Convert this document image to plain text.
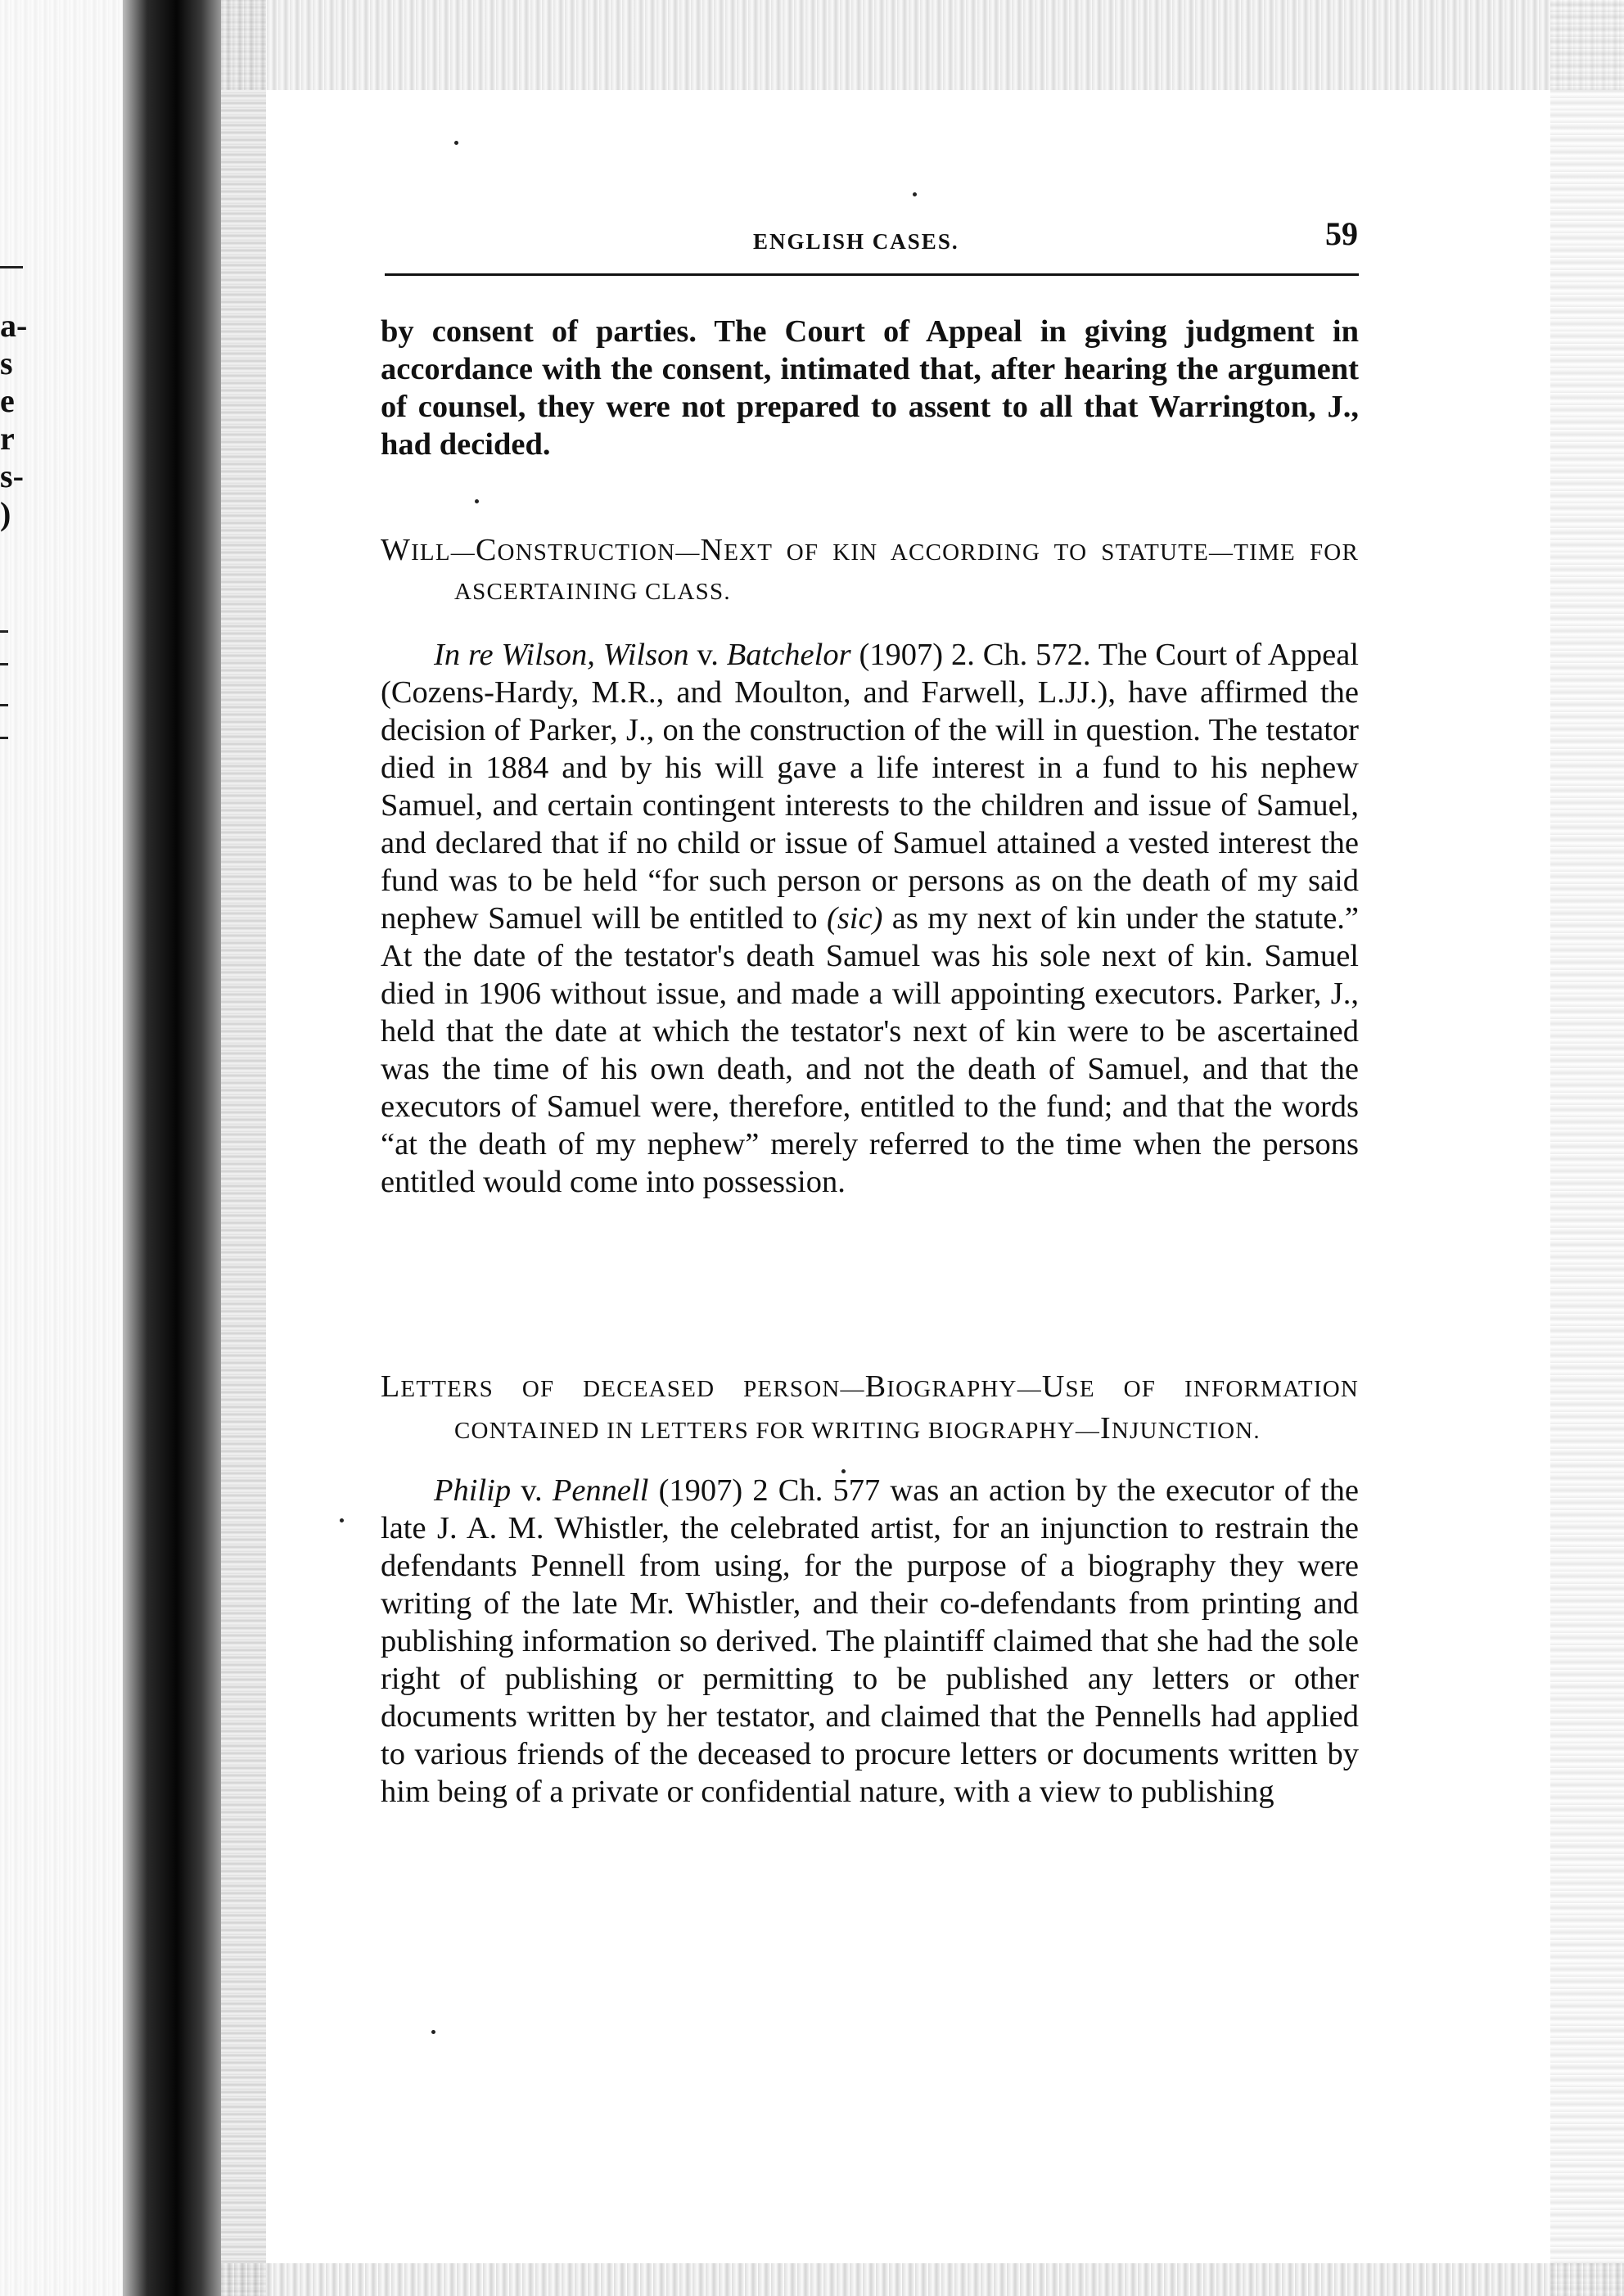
a-
s
e
r
s-
)
ENGLISH CASES.	59

by consent of parties. The Court of Appeal in giving judgment in accordance with the consent, intimated that, after hearing the argument of counsel, they were not prepared to assent to all that Warrington, J., had decided.

WILL—CONSTRUCTION—NEXT OF KIN ACCORDING TO STATUTE—TIME FOR ASCERTAINING CLASS.

In re Wilson, Wilson v. Batchelor (1907) 2. Ch. 572. The Court of Appeal (Cozens-Hardy, M.R., and Moulton, and Farwell, L.JJ.), have affirmed the decision of Parker, J., on the construction of the will in question. The testator died in 1884 and by his will gave a life interest in a fund to his nephew Samuel, and certain contingent interests to the children and issue of Samuel, and declared that if no child or issue of Samuel attained a vested interest the fund was to be held “for such person or persons as on the death of my said nephew Samuel will be entitled to (sic) as my next of kin under the statute.” At the date of the testator's death Samuel was his sole next of kin. Samuel died in 1906 without issue, and made a will appointing executors. Parker, J., held that the date at which the testator's next of kin were to be ascertained was the time of his own death, and not the death of Samuel, and that the executors of Samuel were, therefore, entitled to the fund; and that the words “at the death of my nephew” merely referred to the time when the persons entitled would come into possession.

LETTERS OF DECEASED PERSON—BIOGRAPHY—USE OF INFORMATION CONTAINED IN LETTERS FOR WRITING BIOGRAPHY—INJUNCTION.

Philip v. Pennell (1907) 2 Ch. 577 was an action by the executor of the late J. A. M. Whistler, the celebrated artist, for an injunction to restrain the defendants Pennell from using, for the purpose of a biography they were writing of the late Mr. Whistler, and their co-defendants from printing and publishing information so derived. The plaintiff claimed that she had the sole right of publishing or permitting to be published any letters or other documents written by her testator, and claimed that the Pennells had applied to various friends of the deceased to procure letters or documents written by him being of a private or confidential nature, with a view to publishing
